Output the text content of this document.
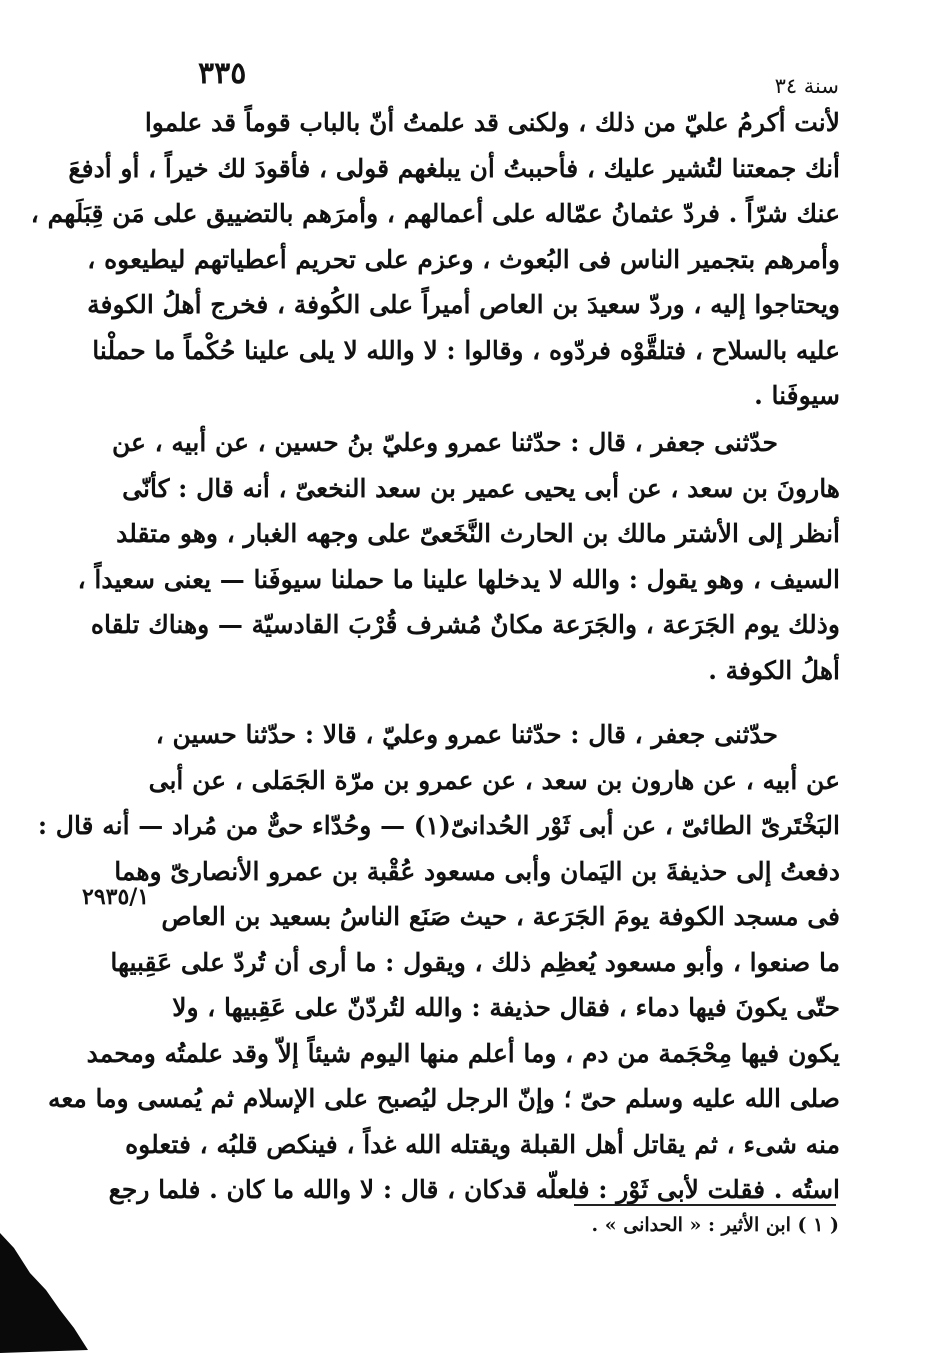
٣٣٥	سنة ٣٤
لأنت أكرمُ عليّ من ذلك ، ولكنى قد علمتُ أنّ بالباب قوماً قد علموا
أنك جمعتنا لتُشير عليك ، فأحببتُ أن يبلغهم قولى ، فأقودَ لك خيراً ، أو أدفعَ
عنك شرّاً . فردّ عثمانُ عمّاله على أعمالهم ، وأمرَهم بالتضييق على مَن قِبَلَهم ،
وأمرهم بتجمير الناس فى البُعوث ، وعزم على تحريم أعطياتهم ليطيعوه ،
ويحتاجوا إليه ، وردّ سعيدَ بن العاص أميراً على الكُوفة ، فخرج أهلُ الكوفة
عليه بالسلاح ، فتلقَّوْه فردّوه ، وقالوا : لا والله لا يلى علينا حُكْماً ما حملْنا
سيوفَنا .
حدّثنى جعفر ، قال : حدّثنا عمرو وعليّ بنُ حسين ، عن أبيه ، عن
هارونَ بن سعد ، عن أبى يحيى عمير بن سعد النخعىّ ، أنه قال : كأنّى
أنظر إلى الأشتر مالك بن الحارث النَّخَعىّ على وجهه الغبار ، وهو متقلد
السيف ، وهو يقول : والله لا يدخلها علينا ما حملنا سيوفَنا — يعنى سعيداً ،
وذلك يوم الجَرَعة ، والجَرَعة مكانٌ مُشرف قُرْبَ القادسيّة — وهناك تلقاه
أهلُ الكوفة .
حدّثنى جعفر ، قال : حدّثنا عمرو وعليّ ، قالا : حدّثنا حسين ،
عن أبيه ، عن هارون بن سعد ، عن عمرو بن مرّة الجَمَلى ، عن أبى
البَخْتَرىّ الطائىّ ، عن أبى ثَوْر الحُدانىّ(١) — وحُدّاء حىٌّ من مُراد — أنه قال :
دفعتُ إلى حذيفةَ بن اليَمان وأبى مسعود عُقْبة بن عمرو الأنصارىّ وهما
فى مسجد الكوفة يومَ الجَرَعة ، حيث صَنَع الناسُ بسعيد بن العاص
ما صنعوا ، وأبو مسعود يُعظِم ذلك ، ويقول : ما أرى أن تُردّ على عَقِبيها
حتّى يكونَ فيها دماء ، فقال حذيفة : والله لتُردّنّ على عَقِبيها ، ولا
يكون فيها مِحْجَمة من دم ، وما أعلم منها اليوم شيئاً إلاّ وقد علمتُه ومحمد
صلى الله عليه وسلم حىّ ؛ وإنّ الرجل ليُصبح على الإسلام ثم يُمسى وما معه
منه شىء ، ثم يقاتل أهل القبلة ويقتله الله غداً ، فينكص قلبُه ، فتعلوه
استُه . فقلت لأبى ثَوْر : فلعلّه قدكان ، قال : لا والله ما كان . فلما رجع
٢٩٣٥/١
( ١ ) ابن الأثير : « الحدانى » .
